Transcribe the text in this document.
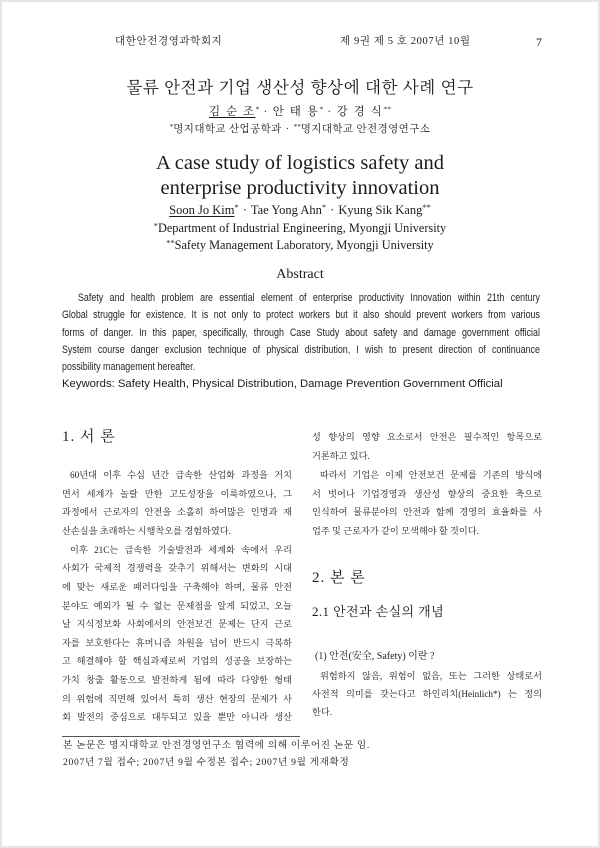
대한안전경영과학회지	제 9권 제 5 호 2007년 10월	7
물류 안전과 기업 생산성 향상에 대한 사례 연구
김 순 조* · 안 태 용* · 강 경 식**
*명지대학교 산업공학과 · **명지대학교 안전경영연구소
A case study of logistics safety and
enterprise productivity innovation
Soon Jo Kim* · Tae Yong Ahn* · Kyung Sik Kang**
*Department of Industrial Engineering, Myongji University
**Safety Management Laboratory, Myongji University
Abstract
Safety and health problem are essential element of enterprise productivity Innovation within 21th century
Global struggle for existence. It is not only to protect workers but it also should prevent workers from various
forms of danger. In this paper, specifically, through Case Study about safety and damage government official
System course danger exclusion technique of physical distribution, I wish to present direction of continuance
possibility management hereafter.
Keywords: Safety Health, Physical Distribution, Damage Prevention Government Official
1. 서 론
60년대 이후 수십 년간 급속한 산업화 과정을 거치
면서 세계가 놀랄 만한 고도성장을 이룩하였으나, 그
과정에서 근로자의 안전을 소홀히 하여많은 인명과 재
산손실을 초래하는 시행착오를 경험하였다.
이후 21C는 급속한 기술발전과 세계화 속에서 우리
사회가 국제적 경쟁력을 갖추기 위해서는 변화의 시대
에 맞는 새로운 패러다임을 구축해야 하며, 물류 안전
분야도 예외가 될 수 없는 문제점을 알게 되었고, 오늘
날 지식정보화 사회에서의 안전보건 문제는 단지 근로
자를 보호한다는 휴머니즘 차원을 넘어 반드시 극복하
고 해결해야 할 핵심과제로써 기업의 성공을 보장하는
가치 창출 활동으로 발전하게 됨에 따라 다양한 형태
의 위험에 직면해 있어서 특히 생산 현장의 문제가 사
회 발전의 중심으로 대두되고 있을 뿐만 아니라 생산
성 향상의 영향 요소로서 안전은 필수적인 항목으로
거론하고 있다.
따라서 기업은 이제 안전보건 문제를 기존의 방식에
서 벗어나 기업경영과 생산성 향상의 중요한 축으로
인식하여 물류분야의 안전과 함께 경영의 효율화를 사
업주 및 근로자가 같이 모색해야 할 것이다.
2. 본 론
2.1 안전과 손실의 개념
(1) 안전(安全, Safety) 이란 ?
위험하지 않음, 위험이 없음, 또는 그러한 상태로서
사전적 의미를 갖는다고 하인리치(Heinlich*) 는 정의
한다.
본 논문은 명지대학교 안전경영연구소 협력에 의해 이루어진 논문 임.
2007년 7월 접수; 2007년 9월 수정본 접수; 2007년 9월 게재확정
